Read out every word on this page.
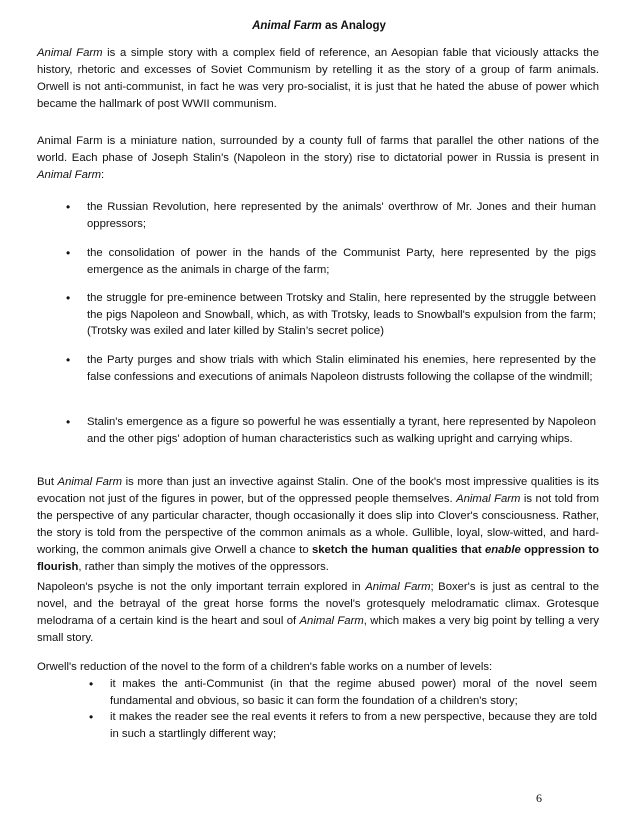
Animal Farm as Analogy
Animal Farm is a simple story with a complex field of reference, an Aesopian fable that viciously attacks the history, rhetoric and excesses of Soviet Communism by retelling it as the story of a group of farm animals. Orwell is not anti-communist, in fact he was very pro-socialist, it is just that he hated the abuse of power which became the hallmark of post WWII communism.
Animal Farm is a miniature nation, surrounded by a county full of farms that parallel the other nations of the world. Each phase of Joseph Stalin's (Napoleon in the story) rise to dictatorial power in Russia is present in Animal Farm:
• the Russian Revolution, here represented by the animals' overthrow of Mr. Jones and their human oppressors;
• the consolidation of power in the hands of the Communist Party, here represented by the pigs emergence as the animals in charge of the farm;
• the struggle for pre-eminence between Trotsky and Stalin, here represented by the struggle between the pigs Napoleon and Snowball, which, as with Trotsky, leads to Snowball's expulsion from the farm; (Trotsky was exiled and later killed by Stalin’s secret police)
• the Party purges and show trials with which Stalin eliminated his enemies, here represented by the false confessions and executions of animals Napoleon distrusts following the collapse of the windmill;
• Stalin's emergence as a figure so powerful he was essentially a tyrant, here represented by Napoleon and the other pigs' adoption of human characteristics such as walking upright and carrying whips.
But Animal Farm is more than just an invective against Stalin. One of the book's most impressive qualities is its evocation not just of the figures in power, but of the oppressed people themselves. Animal Farm is not told from the perspective of any particular character, though occasionally it does slip into Clover's consciousness. Rather, the story is told from the perspective of the common animals as a whole. Gullible, loyal, slow-witted, and hard-working, the common animals give Orwell a chance to sketch the human qualities that enable oppression to flourish, rather than simply the motives of the oppressors.
Napoleon's psyche is not the only important terrain explored in Animal Farm; Boxer's is just as central to the novel, and the betrayal of the great horse forms the novel's grotesquely melodramatic climax. Grotesque melodrama of a certain kind is the heart and soul of Animal Farm, which makes a very big point by telling a very small story.
Orwell's reduction of the novel to the form of a children's fable works on a number of levels:
• it makes the anti-Communist (in that the regime abused power) moral of the novel seem fundamental and obvious, so basic it can form the foundation of a children's story;
• it makes the reader see the real events it refers to from a new perspective, because they are told in such a startlingly different way;
6
